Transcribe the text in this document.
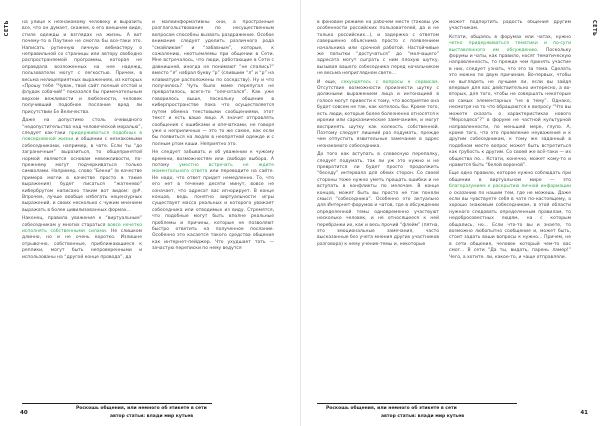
СЕТЬ	на улице к незнакомому человеку и выразить все, что он думает, скажем, о его внешнем виде, стиле одежды и взглядах на жизнь. А вот почему-то в Паутине не смогла бы все-таки это. Написать рутинную личную вебмастеру о неправильной со страницы или автору свободно распространяемой программы, которая не оправдала возложенных на нее надежд, пользователи могут с легкостью. Причем, в весьма нелицеприятных выражениях, из которых «Прошу тебя “Чувак, твой сайт полный отстой и флудок собачий!” показался бы примечательным верхом вежливости и любезности, человек получивший подобное послание вряд ли присутствии Ее Величества.

Даже на допустимо столь очевидного “недопустительства над человеческой моралью”, следует как-таки придерживаться подобных в повседневной жизни и общении с незнакомыми собеседниками, например, в чате. Если ты “до заграничным” выразиться, то общепринятой нормой являются основам невежливости, по-прежнему могут подчеркиваться только символами. Например, слово “Бекни” (в качестве примера могли в качестве просто в такие выражения) будет писаться “жатенево” кибербрутом написано таким вот видом: @#. Впрочем, лучше вообще избегать нецензурных выражений, и своих несколько с чужим мнением выражать в более цивилизованных формах…

Наконец, правила уважения к “виртуальным” собеседникам у многих стараться вовсе нечетко исполнять собственными силами. Не слишком длинно, но и не очень коротко. Излишне отрывочно, собственные, приближающиеся к реплики, могут быть непроверенными и использованы на “другой конце провода”, да

и малоинформативны они, а пространные разглагольствования по несущественным вопросам способны вызвать раздражение. Особое внимание следует уделить различного рода “смайликам” и “забавным”, которые, к сожалению, неотъемлемы при общении в Сети. Мне встречалось, что люди, работающие в Сети с давнишней, иногда не понимают “не спались?” вместо “я” набрал букву “р” (слившим “л” и “р” на клавиатуре расположены по соседству). Ну и что получилось? Чуть было маме перепугал не превратилось, всего-то “опечатался”. Как уже говорилось выше, поскольку общение в киберпространстве пока что осуществляется путем обмена текстовыми сообщениями, этот текст и есть ваше лицо. А значит отправлять сообщения с ошибками и опечатками, не говоря уже о неприличных — это то же самое, как если бы появиться на людях в неопрятной одежде и с полным ртом каши. Неприятно это.

Не следует забывать и об уважении к чужому времени, возможностям или свободе выбора. А потому уместно встречать не ждите моментального ответа или переводите на сайте. Не надо, что ответ придет немедленно. То, что его нет в течение десяти минут, вовсе не означает, что адресат вас игнорирует. В конце концов, ведь понятно виртуальности игры существует масса реальных и которого уважает собеседника или отводимых из виду. Стремятся, что подобные могут быть вполне реальные проблемы и причины, которые не позволяют быстро ответить на полученное послание. Особенно это касается такого средства общения как интернет-пейджер. Что ухудшает тать — зачастую переписки по нему ведутся

40
Роскошь общения, или немного об этикете в сети
автор статьи: влади мир кутьев
СЕТЬ

в фоновом режиме на рабочем месте (таковы уж особенности российских пользователей, да и не только российских…), и задержка с ответом совершенно объяснима просто с появлением начальника или срочной работой. Настойчивые же попытки “достучаться” до “молчащего” адресата могут сыграть с ним плохую шутку, вызывая вашего собеседника перед начальником не весьма неприглядном свете…

И еще, секундетесь с вопросы к сервисам. Отсутствие возможности произнести шутку с должными выражением лица и интонацией в голосе могут привести к тому, что восприятие она будет совсем не так, как хотелось бы. Кроме того, есть люди, которые более болезненно относятся к иронии или сарказмические замечаниям, и могут воспринять шутку как колкость собственной. Поэтому следует лишний раз подумать, прежде чем отпустить язвительные замечание в адрес незнакомого собеседника.

До того как вступать в словесную перепалку, следует подумать, так ли уж это нужно и не превратится ли будет просто продолжить “беседу” интервала для обеих сторон. Со своей стороны тоже нужно уметь прощать ошибки и не вступать в конфликты по мелочам. В конце концов, может быть вы просто не так поняли смысл “собеседника”. Особенно это актуально для Интернет-форумов и чатов, где в обсуждении определенной темы одновременно участвуют несколько человек, и не относящееся к ней перебранки их, как и весь прочий “флейм” (пятна, это эмоциональные замечания, часто высказанные без учета мнения других участников разговора) к нему учение-темы и, некоторые

может подпортить радость общения другим участникам.

Кстати, общаясь в форумах или чатах, нужно четко придерживаться тематики и по-сути выставленного им обсуждению. Поскольку форумы и чаты, как правило, носят тематическую направленность, то прежде чем принять участие в них, следует узнать, что это за тема. Сделать это можно по двум причинам. Во-первых, чтобы не выглядеть не лучшим ли, если вы зайдя впервые для вас действительно интересно, а во-вторых, для того, чтобы не совершать некоторые из самых элементарных “не в тему”. Однако, несмотря на то что обращаются к вопросу “Что вы можете сказать о характеристиках нового “Мерседеса”?” в форуме не частной культурной направленности, по меньшей мере, глупо. А, кроме того, что это проявление неуважения и к другим собеседникам, к тому же заданный в подобном месте вопрос может быть встретиться как грубость к другим. Со своей же всё-таки — их общества по... Кстати, конечно, может кому-то и нравится быть “белой вороной”.

Еще одно правило, которое нужно соблюдать при общении в виртуальном мире — это благоразумием к раскрытию личной информации о сказанию по нашим тем, где не можешь. Даже если вы чувствуете себя в чате по-настоящему, а хорошо знакомым собеседникам, в этой области нужного следовать определенным правилам, то недобросовестных людям, на с которым общались, но... Если что-то вы и знаете, то возможно любопытно сообщение и, может быть, стоит задать ваши вопросы к нужно... Причем, не в сети общения, человек который чем-то вас смог... В сети “Да ты, видать, парень ламер!” Чего, а хотите. ли, какое-то, и чаще отправляли.

Роскошь общения, или немного об этикете в сети
автор статьи: влади мир кутьев
41
